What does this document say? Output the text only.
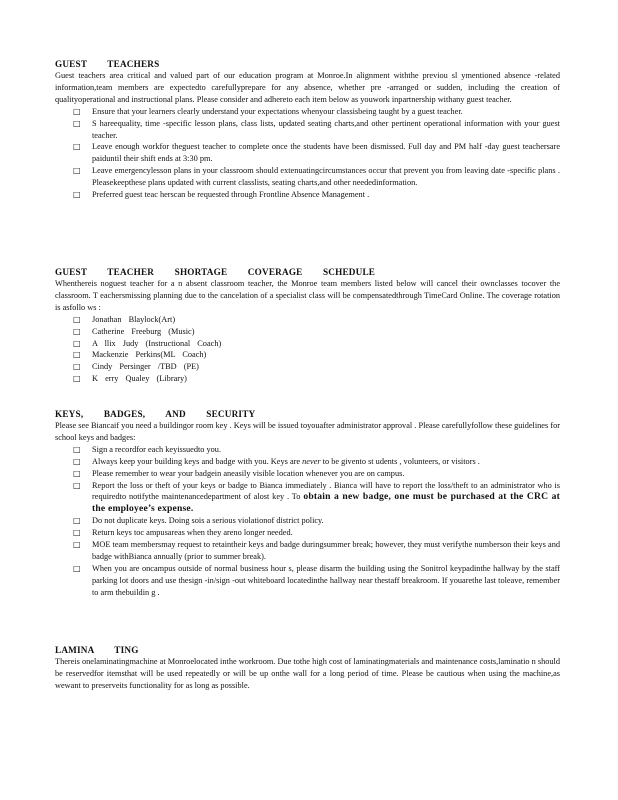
GUEST TEACHERS
Guest teachers area critical and valued part of our education program at Monroe.In alignment withthe previou sl ymentioned absence -related information,team members are expectedto carefullyprepare for any absence, whether pre -arranged or sudden, including the creation of qualityoperational and instructional plans. Please consider and adhereto each item below as youwork inpartnership withany guest teacher.
□ Ensure that your learners clearly understand your expectations whenyour classisbeing taught by a guest teacher.
□ S hareequality, time -specific lesson plans, class lists, updated seating charts,and other pertinent operational information with your guest teacher.
□ Leave enough workfor theguest teacher to complete once the students have been dismissed. Full day and PM half -day guest teachersare paiduntil their shift ends at 3:30 pm.
□ Leave emergencylesson plans in your classroom should extenuatingcircumstances occur that prevent you from leaving date -specific plans . Pleasekeepthese plans updated with current classlists, seating charts,and other neededinformation.
□ Preferred guest teac herscan be requested through Frontline Absence Management .
GUEST TEACHER SHORTAGE COVERAGE SCHEDULE
Whenthereis noguest teacher for a n absent classroom teacher, the Monroe team members listed below will cancel their ownclasses tocover the classroom. T eachersmissing planning due to the cancelation of a specialist class will be compensatedthrough TimeCard Online. The coverage rotation is asfollo ws :
□ Jonathan Blaylock(Art)
□ Catherine Freeburg (Music)
□ A llix Judy (Instructional Coach)
□ Mackenzie Perkins(ML Coach)
□ Cindy Persinger /TBD (PE)
□ K erry Qualey (Library)
KEYS, BADGES, AND SECURITY
Please see Biancaif you need a buildingor room key . Keys will be issued toyouafter administrator approval . Please carefullyfollow these guidelines for school keys and badges:
□ Sign a recordfor each keyissuedto you.
□ Always keep your building keys and badge with you. Keys are never to be givento st udents , volunteers, or visitors .
□ Please remember to wear your badgein aneasily visible location whenever you are on campus.
□ Report the loss or theft of your keys or badge to Bianca immediately . Bianca will have to report the loss/theft to an administrator who is requiredto notifythe maintenancedepartment of alost key . To obtain a new badge, one must be purchased at the CRC at the employee’s expense.
□ Do not duplicate keys. Doing sois a serious violationof district policy.
□ Return keys toc ampusareas when they areno longer needed.
□ MOE team membersmay request to retaintheir keys and badge duringsummer break; however, they must verifythe numberson their keys and badge withBianca annually (prior to summer break).
□ When you are oncampus outside of normal business hour s, please disarm the building using the Sonitrol keypadinthe hallway by the staff parking lot doors and use thesign -in/sign -out whiteboard locatedinthe hallway near thestaff breakroom. If youarethe last toleave, remember to arm thebuildin g .
LAMINA TING
Thereis onelaminatingmachine at Monroelocated inthe workroom. Due tothe high cost of laminatingmaterials and maintenance costs,laminatio n should be reservedfor itemsthat will be used repeatedly or will be up onthe wall for a long period of time. Please be cautious when using the machine,as wewant to preserveits functionality for as long as possible.
